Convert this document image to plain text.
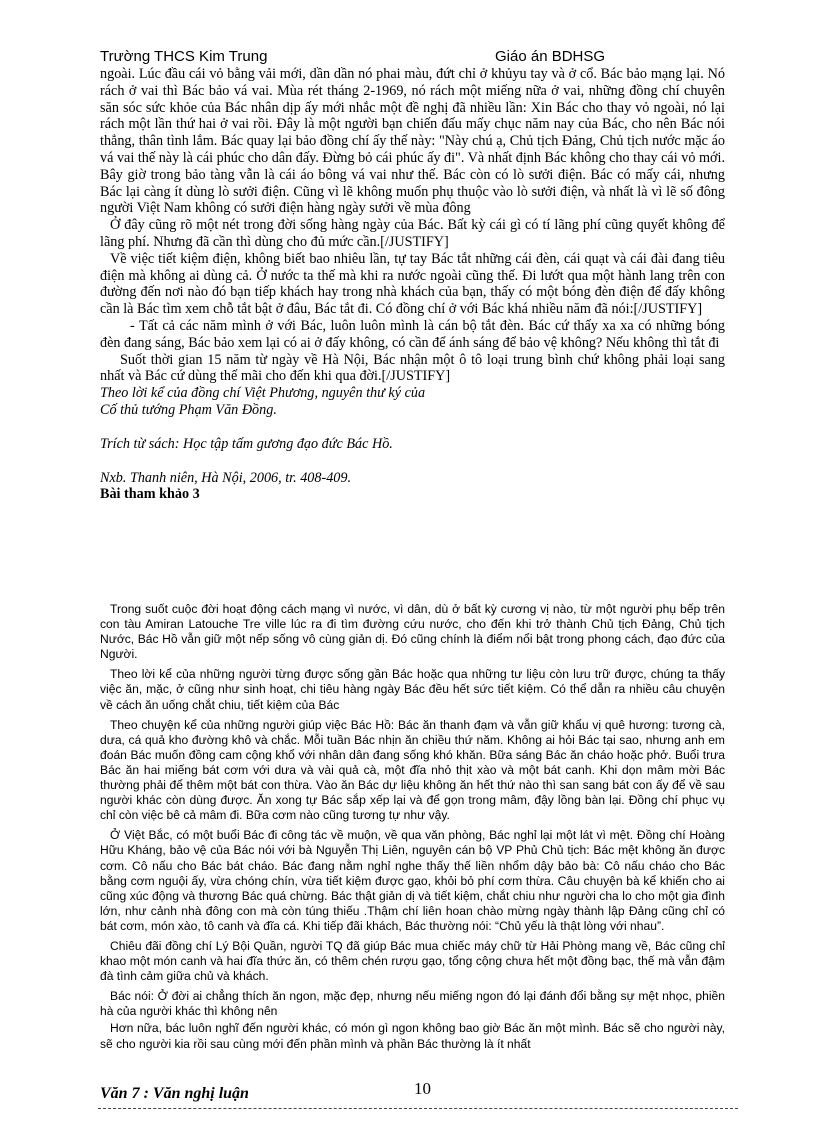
Trường THCS Kim Trung	Giáo án BDHSG

ngoài. Lúc đầu cái vỏ bằng vải mới, dần dần nó phai màu, đứt chỉ ở khủyu tay và ở cổ. Bác bảo mạng lại. Nó rách ở vai thì Bác bảo vá vai. Mùa rét tháng 2-1969, nó rách một miếng nữa ở vai, những đồng chí chuyên săn sóc sức khỏe của Bác nhân dịp ấy mới nhắc một đề nghị đã nhiều lần: Xin Bác cho thay vỏ ngoài, nó lại rách một lần thứ hai ở vai rồi. Đây là một người bạn chiến đấu mấy chục năm nay của Bác, cho nên Bác nói thẳng, thân tình lắm. Bác quay lại bảo đồng chí ấy thế này: "Này chú ạ, Chủ tịch Đảng, Chủ tịch nước mặc áo vá vai thế này là cái phúc cho dân đấy. Đừng bỏ cái phúc ấy đi". Và nhất định Bác không cho thay cái vỏ mới. Bây giờ trong bảo tàng vẫn là cái áo bông vá vai như thế. Bác còn có lò sưởi điện. Bác có mấy cái, nhưng Bác lại càng ít dùng lò sưởi điện. Cũng vì lẽ không muốn phụ thuộc vào lò sưởi điện, và nhất là vì lẽ số đông người Việt Nam không có sưởi điện hàng ngày sưởi về mùa đông

Ở đây cũng rõ một nét trong đời sống hàng ngày của Bác. Bất kỳ cái gì có tí lãng phí cũng quyết không để lãng phí. Nhưng đã cần thì dùng cho đủ mức cần.[/JUSTIFY]

Về việc tiết kiệm điện, không biết bao nhiêu lần, tự tay Bác tắt những cái đèn, cái quạt và cái đài đang tiêu điện mà không ai dùng cả. Ở nước ta thế mà khi ra nước ngoài cũng thế. Đi lướt qua một hành lang trên con đường đến nơi nào đó bạn tiếp khách hay trong nhà khách của bạn, thấy có một bóng đèn điện để đấy không cần là Bác tìm xem chỗ tắt bật ở đâu, Bác tắt đi. Có đồng chí ở với Bác khá nhiều năm đã nói:[/JUSTIFY]

- Tất cả các năm mình ở với Bác, luôn luôn mình là cán bộ tắt đèn. Bác cứ thấy xa xa có những bóng đèn đang sáng, Bác bảo xem lại có ai ở đấy không, có cần để ánh sáng để bảo vệ không? Nếu không thì tắt đi

Suốt thời gian 15 năm từ ngày về Hà Nội, Bác nhận một ô tô loại trung bình chứ không phải loại sang nhất và Bác cứ dùng thế mãi cho đến khi qua đời.[/JUSTIFY]

Theo lời kể của đồng chí Việt Phương, nguyên thư ký của

Cố thủ tướng Phạm Văn Đồng.

Trích từ sách: Học tập tấm gương đạo đức Bác Hồ.

Nxb. Thanh niên, Hà Nội, 2006, tr. 408-409.

Bài tham khảo 3

Trong suốt cuộc đời hoạt động cách mạng vì nước, vì dân, dù ở bất kỳ cương vị nào, từ một người phụ bếp trên con tàu Amiran Latouche Tre ville lúc ra đi tìm đường cứu nước, cho đến khi trở thành Chủ tịch Đảng, Chủ tịch Nước, Bác Hồ vẫn giữ một nếp sống vô cùng giản dị. Đó cũng chính là điểm nổi bật trong phong cách, đạo đức của Người.

Theo lời kể của những người từng được sống gần Bác hoặc qua những tư liệu còn lưu trữ được, chúng ta thấy việc ăn, mặc, ở cũng như sinh hoạt, chi tiêu hàng ngày Bác đều hết sức tiết kiệm. Có thể dẫn ra nhiều câu chuyện về cách ăn uống chắt chiu, tiết kiệm của Bác

Theo chuyện kể của những người giúp việc Bác Hồ: Bác ăn thanh đạm và vẫn giữ khẩu vị quê hương: tương cà, dưa, cá quả kho đường khô và chắc. Mỗi tuần Bác nhịn ăn chiều thứ năm. Không ai hỏi Bác tại sao, nhưng anh em đoán Bác muốn đồng cam cộng khổ với nhân dân đang sống khó khăn. Bữa sáng Bác ăn cháo hoặc phở. Buổi trưa Bác ăn hai miếng bát cơm với dưa và vài quả cà, một đĩa nhỏ thịt xào và một bát canh. Khi dọn mâm mời Bác thường phải để thêm một bát con thừa. Vào ăn Bác dự liệu không ăn hết thứ nào thì san sang bát con ấy để về sau người khác còn dùng được. Ăn xong tự Bác sắp xếp lại và để gọn trong mâm, đậy lồng bàn lại. Đồng chí phục vụ chỉ còn việc bê cả mâm đi. Bữa cơm nào cũng tương tự như vậy.

Ở Việt Bắc, có một buổi Bác đi công tác về muộn, về qua văn phòng, Bác nghỉ lại một lát vì mệt. Đồng chí Hoàng Hữu Kháng, bảo vệ của Bác nói với bà Nguyễn Thị Liên, nguyên cán bộ VP Phủ Chủ tịch: Bác mệt không ăn được cơm. Cô nấu cho Bác bát cháo. Bác đang nằm nghỉ nghe thấy thế liền nhổm dậy bảo bà: Cô nấu cháo cho Bác bằng cơm nguội ấy, vừa chóng chín, vừa tiết kiệm được gạo, khỏi bỏ phí cơm thừa. Câu chuyện bà kể khiến cho ai cũng xúc động và thương Bác quá chừng. Bác thật giản dị và tiết kiệm, chắt chiu như người cha lo cho một gia đình lớn, như cảnh nhà đông con mà còn túng thiếu .Thậm chí liên hoan chào mừng ngày thành lập Đảng cũng chỉ có bát cơm, món xào, tô canh và đĩa cá. Khi tiếp đãi khách, Bác thường nói: “Chủ yếu là thật lòng với nhau”.

Chiêu đãi đồng chí Lý Bội Quần, người TQ đã giúp Bác mua chiếc máy chữ từ Hải Phòng mang về, Bác cũng chỉ khao một món canh và hai đĩa thức ăn, có thêm chén rượu gạo, tổng cộng chưa hết một đồng bạc, thế mà vẫn đậm đà tình cảm giữa chủ và khách.

Bác nói: Ở đời ai chẳng thích ăn ngon, mặc đẹp, nhưng nếu miếng ngon đó lại đánh đổi bằng sự mệt nhọc, phiền hà của người khác thì không nên

Hơn nữa, bác luôn nghĩ đến người khác, có món gì ngon không bao giờ Bác ăn một mình. Bác sẽ cho người này, sẽ cho người kia rồi sau cùng mới đến phần mình và phần Bác thường là ít nhất

Văn 7 : Văn nghị luận	10
